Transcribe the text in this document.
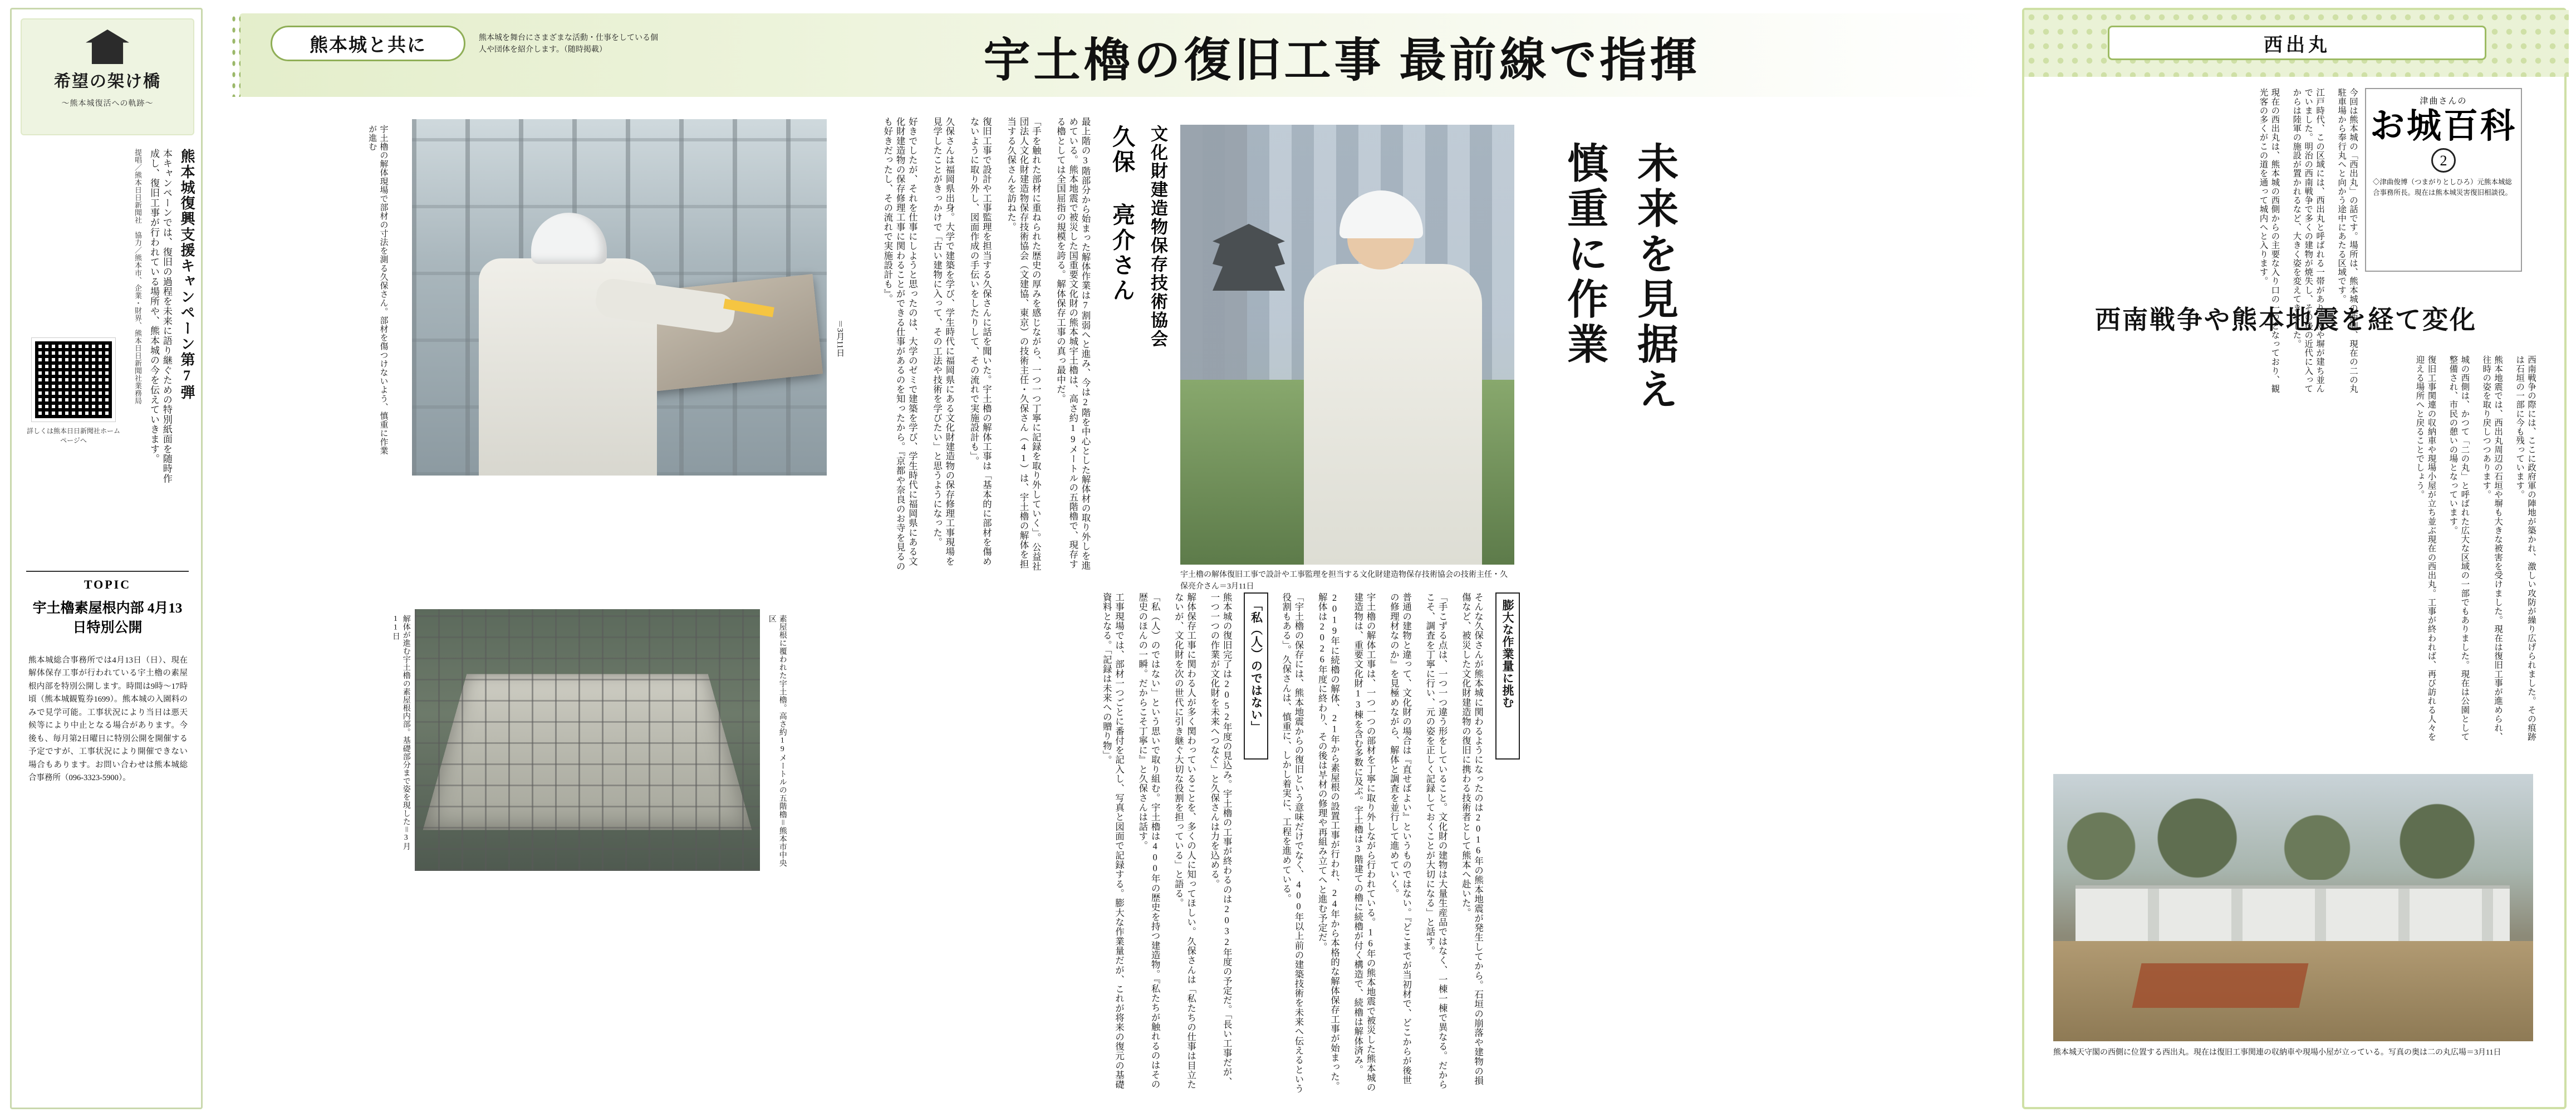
希望の架け橋
～熊本城復活への軌跡～
熊本城復興支援キャンペーン第7弾
本キャンペーンでは、復旧の過程を未来に語り継ぐための特別紙面を随時作成し、復旧工事が行われている場所や、熊本城の今を伝えていきます。
提唱／熊本日日新聞社　協力／熊本市、企業・財界、熊本日日新聞社業務局
詳しくは熊本日日新聞社ホームページへ
TOPIC
宇土櫓素屋根内部 4月13日特別公開
熊本城総合事務所では4月13日（日）、現在解体保存工事が行われている宇土櫓の素屋根内部を特別公開します。時間は9時～17時頃（熊本城観覧券1699）。熊本城の入園料のみで見学可能。工事状況により当日は悪天候等により中止となる場合があります。今後も、毎月第2日曜日に特別公開を開催する予定ですが、工事状況により開催できない場合もあります。お問い合わせは熊本城総合事務所（096-3323-5900）。
熊本城と共に	熊本城を舞台にさまざまな活動・仕事をしている個人や団体を紹介します。（随時掲載）	宇土櫓の復旧工事 最前線で指揮
宇土櫓の解体現場で部材の寸法を測る久保さん。部材を傷つけないよう、慎重に作業が進む
＝3月11日	最上階の3階部分から始まった解体作業は7割弱へと進み、今は2階を中心とした解体材の取り外しを進めている。熊本地震で被災した国重要文化財の熊本城宇土櫓は、高さ約19メートルの五階櫓で、現存する櫓としては全国屈指の規模を誇る。解体保存工事の真っ最中だ。
「手を触れた部材に重ねられた歴史の厚みを感じながら、一つ一つ丁寧に記録を取り外していく」。公益社団法人文化財建造物保存技術協会（文建協、東京）の技術主任・久保さん（41）は、宇土櫓の解体を担当する久保さんを訪ねた。
復旧工事で設計や工事監理を担当する久保さんに話を聞いた。宇土櫓の解体工事は「基本的に部材を傷めないように取り外し、図面作成の手伝いをしたりして、その流れで実施設計も」。
久保さんは福岡県出身。大学で建築を学び、学生時代に福岡県にある文化財建造物の保存修理工事現場を見学したことがきっかけで「古い建物に入って、その工法や技術を学びたい」と思うようになった。
好きでしたが、それを仕事にしようと思ったのは、大学のゼミで建築を学び、学生時代に福岡県にある文化財建造物の保存修理工事に関わることができる仕事があるのを知ったから。『京都や奈良のお寺を見るのも好きだったし、その流れで実施設計も』。	文化財建造物保存技術協会
久保 亮介さん
宇土櫓の解体復旧工事で設計や工事監理を担当する文化財建造物保存技術協会の技術主任・久保亮介さん＝3月11日
未来を見据え
慎重に作業
解体が進む宇土櫓の素屋根内部。基礎部分まで姿を現した＝3月11日	素屋根に覆われた宇土櫓。高さ約19メートルの五階櫓＝熊本市中央区	膨大な作業量に挑む
そんな久保さんが熊本城に関わるようになったのは2016年の熊本地震が発生してから。石垣の崩落や建物の損傷など、被災した文化財建造物の復旧に携わる技術者として熊本へ赴いた。
「手こずる点は、一つ一つ違う形をしていること。文化財の建物は大量生産品ではなく、一棟一棟で異なる。だからこそ、調査を丁寧に行い、元の姿を正しく記録しておくことが大切になる」と話す。
普通の建物と違って、文化財の場合は『直せばよい』というものではない。『どこまでが当初材で、どこからが後世の修理材なのか』を見極めながら、解体と調査を並行して進めていく。
宇土櫓の解体工事は、一つ一つの部材を丁寧に取り外しながら行われている。16年の熊本地震で被災した熊本城の建造物は、重要文化財13棟を含む多数に及ぶ。宇土櫓は3階建ての櫓に続櫓が付く構造で、続櫓は解体済み。
2019年に続櫓の解体、21年から素屋根の設置工事が行われ、24年から本格的な解体保存工事が始まった。解体は2026年度に終わり、その後は부材の修理や再組み立てへと進む予定だ。
「宇土櫓の保存には、熊本地震からの復旧という意味だけでなく、400年以上前の建築技術を未来へ伝えるという役割もある」。久保さんは、慎重に、しかし着実に、工程を進めている。
「私（人）のではない」
熊本城の復旧完了は2052年度の見込み。宇土櫓の工事が終わるのは2032年度の予定だ。「長い工事だが、一つ一つの作業が文化財を未来へつなぐ」と久保さんは力を込める。
解体保存工事に関わる人が多く関わっていることを、多くの人に知ってほしい。久保さんは「私たちの仕事は目立たないが、文化財を次の世代に引き継ぐ大切な役割を担っている」と語る。
「私（人）のではない」という思いで取り組む。宇土櫓は400年の歴史を持つ建造物。『私たちが触れるのはその歴史のほんの一瞬。だからこそ丁寧に』と久保さんは話す。
工事現場では、部材一つごとに番付を記入し、写真と図面で記録する。膨大な作業量だが、これが将来の復元の基礎資料となる。「記録は未来への贈り物」。
西出丸
津曲さんの
お城百科
2
◇津曲俊博（つまがりとしひろ）元熊本城総合事務所長。現在は熊本城災害復旧相談役。
今回は熊本城の「西出丸」の話です。場所は、熊本城の西側、現在の二の丸駐車場から奉行丸へと向かう途中にあたる区域です。
江戸時代、この区域には、西出丸と呼ばれる一帯があり、櫓や塀が建ち並んでいました。明治の西南戦争で多くの建物が焼失し、その後の近代に入ってからは陸軍の施設が置かれるなど、大きく姿を変えてきました。
現在の西出丸は、熊本城の西側からの主要な入り口の一つとなっており、観光客の多くがこの道を通って城内へと入ります。
西南戦争や熊本地震を経て変化
西南戦争の際には、ここに政府軍の陣地が築かれ、激しい攻防が繰り広げられました。その痕跡は石垣の一部に今も残っています。
熊本地震では、西出丸周辺の石垣や塀も大きな被害を受けました。現在は復旧工事が進められ、往時の姿を取り戻しつつあります。
城の西側は、かつて「二の丸」と呼ばれた広大な区域の一部でもありました。現在は公園として整備され、市民の憩いの場となっています。
復旧工事関連の収納車や現場小屋が立ち並ぶ現在の西出丸。工事が終われば、再び訪れる人々を迎える場所へと戻ることでしょう。
熊本城天守閣の西側に位置する西出丸。現在は復旧工事関連の収納車や現場小屋が立っている。写真の奥は二の丸広場＝3月11日
